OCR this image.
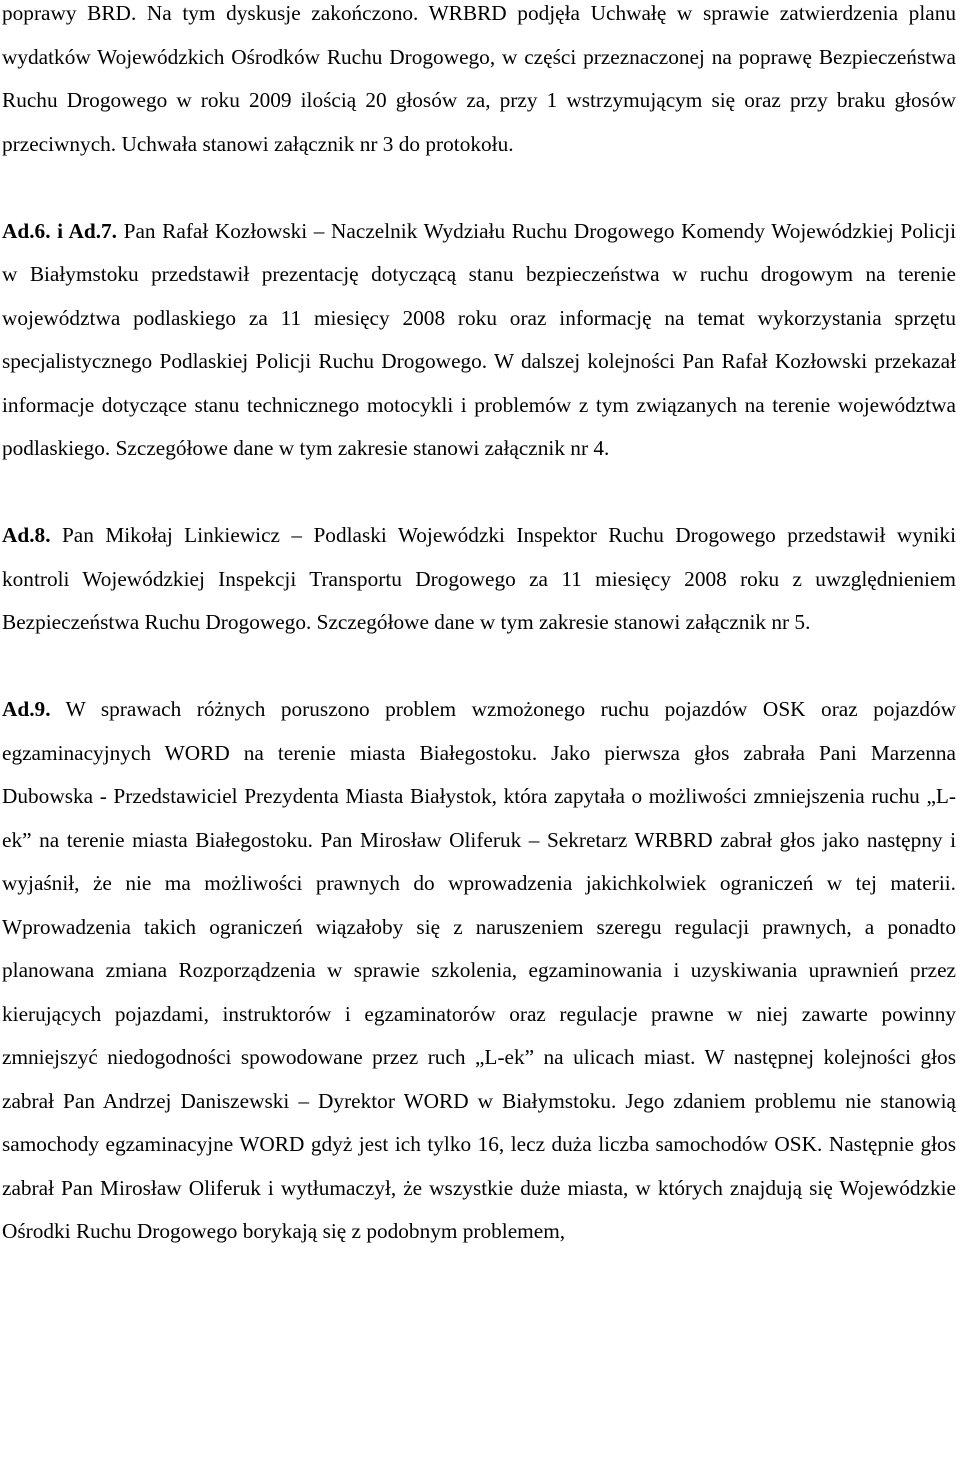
poprawy BRD. Na tym dyskusje zakończono. WRBRD podjęła Uchwałę w sprawie zatwierdzenia planu wydatków Wojewódzkich Ośrodków Ruchu Drogowego, w części przeznaczonej na poprawę Bezpieczeństwa Ruchu Drogowego w roku 2009 ilością 20 głosów za, przy 1 wstrzymującym się oraz przy braku głosów przeciwnych. Uchwała stanowi załącznik nr 3 do protokołu.

Ad.6. i Ad.7. Pan Rafał Kozłowski – Naczelnik Wydziału Ruchu Drogowego Komendy Wojewódzkiej Policji w Białymstoku przedstawił prezentację dotyczącą stanu bezpieczeństwa w ruchu drogowym na terenie województwa podlaskiego za 11 miesięcy 2008 roku oraz informację na temat wykorzystania sprzętu specjalistycznego Podlaskiej Policji Ruchu Drogowego. W dalszej kolejności Pan Rafał Kozłowski przekazał informacje dotyczące stanu technicznego motocykli i problemów z tym związanych na terenie województwa podlaskiego. Szczegółowe dane w tym zakresie stanowi załącznik nr 4.

Ad.8. Pan Mikołaj Linkiewicz – Podlaski Wojewódzki Inspektor Ruchu Drogowego przedstawił wyniki kontroli Wojewódzkiej Inspekcji Transportu Drogowego za 11 miesięcy 2008 roku z uwzględnieniem Bezpieczeństwa Ruchu Drogowego. Szczegółowe dane w tym zakresie stanowi załącznik nr 5.

Ad.9. W sprawach różnych poruszono problem wzmożonego ruchu pojazdów OSK oraz pojazdów egzaminacyjnych WORD na terenie miasta Białegostoku. Jako pierwsza głos zabrała Pani Marzenna Dubowska - Przedstawiciel Prezydenta Miasta Białystok, która zapytała o możliwości zmniejszenia ruchu „L-ek” na terenie miasta Białegostoku. Pan Mirosław Oliferuk – Sekretarz WRBRD zabrał głos jako następny i wyjaśnił, że nie ma możliwości prawnych do wprowadzenia jakichkolwiek ograniczeń w tej materii. Wprowadzenia takich ograniczeń wiązałoby się z naruszeniem szeregu regulacji prawnych, a ponadto planowana zmiana Rozporządzenia w sprawie szkolenia, egzaminowania i uzyskiwania uprawnień przez kierujących pojazdami, instruktorów i egzaminatorów oraz regulacje prawne w niej zawarte powinny zmniejszyć niedogodności spowodowane przez ruch „L-ek” na ulicach miast. W następnej kolejności głos zabrał Pan Andrzej Daniszewski – Dyrektor WORD w Białymstoku. Jego zdaniem problemu nie stanowią samochody egzaminacyjne WORD gdyż jest ich tylko 16, lecz duża liczba samochodów OSK. Następnie głos zabrał Pan Mirosław Oliferuk i wytłumaczył, że wszystkie duże miasta, w których znajdują się Wojewódzkie Ośrodki Ruchu Drogowego borykają się z podobnym problemem,
